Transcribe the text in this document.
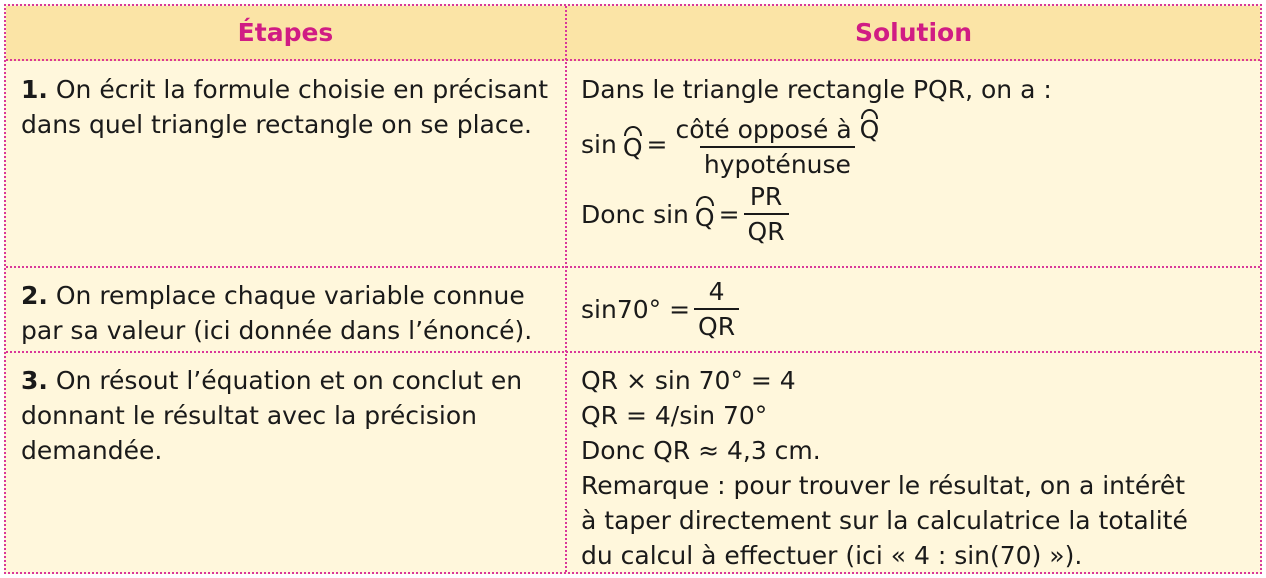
Étapes	Solution
1. On écrit la formule choisie en précisant dans quel triangle rectangle on se place.
Dans le triangle rectangle PQR, on a :
$\sin Q = \frac{\text{côté opposé à Q}}{\text{hypoténuse}}$
Donc $\sin Q = \frac{PR}{QR}$
2. On remplace chaque variable connue par sa valeur (ici donnée dans l’énoncé).
$\sin 70^\circ = \frac{4}{QR}$
3. On résout l’équation et on conclut en donnant le résultat avec la précision demandée.
QR × sin 70° = 4
QR = 4/sin 70°
Donc QR ≈ 4,3 cm.
Remarque : pour trouver le résultat, on a intérêt
à taper directement sur la calculatrice la totalité
du calcul à effectuer (ici « 4 : sin(70) »).
